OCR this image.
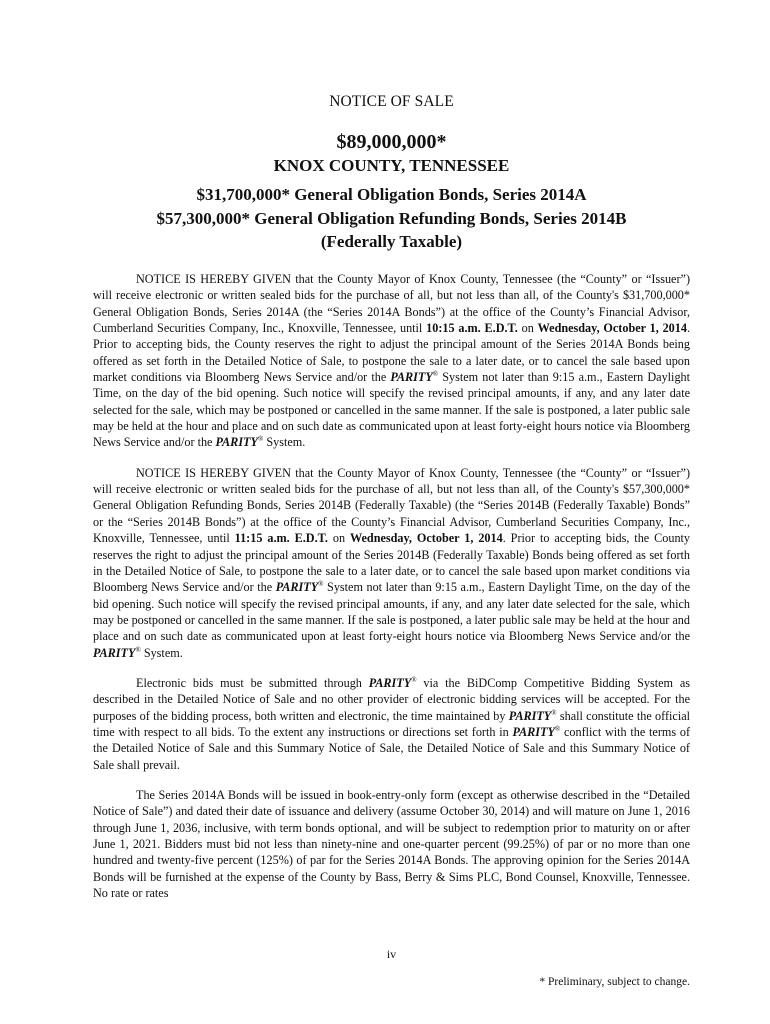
NOTICE OF SALE
$89,000,000*
KNOX COUNTY, TENNESSEE
$31,700,000* General Obligation Bonds, Series 2014A
$57,300,000* General Obligation Refunding Bonds, Series 2014B
(Federally Taxable)

NOTICE IS HEREBY GIVEN that the County Mayor of Knox County, Tennessee (the “County” or “Issuer”) will receive electronic or written sealed bids for the purchase of all, but not less than all, of the County's $31,700,000* General Obligation Bonds, Series 2014A (the “Series 2014A Bonds”) at the office of the County’s Financial Advisor, Cumberland Securities Company, Inc., Knoxville, Tennessee, until 10:15 a.m. E.D.T. on Wednesday, October 1, 2014. Prior to accepting bids, the County reserves the right to adjust the principal amount of the Series 2014A Bonds being offered as set forth in the Detailed Notice of Sale, to postpone the sale to a later date, or to cancel the sale based upon market conditions via Bloomberg News Service and/or the PARITY® System not later than 9:15 a.m., Eastern Daylight Time, on the day of the bid opening. Such notice will specify the revised principal amounts, if any, and any later date selected for the sale, which may be postponed or cancelled in the same manner. If the sale is postponed, a later public sale may be held at the hour and place and on such date as communicated upon at least forty-eight hours notice via Bloomberg News Service and/or the PARITY® System.

NOTICE IS HEREBY GIVEN that the County Mayor of Knox County, Tennessee (the “County” or “Issuer”) will receive electronic or written sealed bids for the purchase of all, but not less than all, of the County's $57,300,000* General Obligation Refunding Bonds, Series 2014B (Federally Taxable) (the “Series 2014B (Federally Taxable) Bonds” or the “Series 2014B Bonds”) at the office of the County’s Financial Advisor, Cumberland Securities Company, Inc., Knoxville, Tennessee, until 11:15 a.m. E.D.T. on Wednesday, October 1, 2014. Prior to accepting bids, the County reserves the right to adjust the principal amount of the Series 2014B (Federally Taxable) Bonds being offered as set forth in the Detailed Notice of Sale, to postpone the sale to a later date, or to cancel the sale based upon market conditions via Bloomberg News Service and/or the PARITY® System not later than 9:15 a.m., Eastern Daylight Time, on the day of the bid opening. Such notice will specify the revised principal amounts, if any, and any later date selected for the sale, which may be postponed or cancelled in the same manner. If the sale is postponed, a later public sale may be held at the hour and place and on such date as communicated upon at least forty-eight hours notice via Bloomberg News Service and/or the PARITY® System.

Electronic bids must be submitted through PARITY® via the BiDComp Competitive Bidding System as described in the Detailed Notice of Sale and no other provider of electronic bidding services will be accepted. For the purposes of the bidding process, both written and electronic, the time maintained by PARITY® shall constitute the official time with respect to all bids. To the extent any instructions or directions set forth in PARITY® conflict with the terms of the Detailed Notice of Sale and this Summary Notice of Sale, the Detailed Notice of Sale and this Summary Notice of Sale shall prevail.

The Series 2014A Bonds will be issued in book-entry-only form (except as otherwise described in the “Detailed Notice of Sale”) and dated their date of issuance and delivery (assume October 30, 2014) and will mature on June 1, 2016 through June 1, 2036, inclusive, with term bonds optional, and will be subject to redemption prior to maturity on or after June 1, 2021. Bidders must bid not less than ninety-nine and one-quarter percent (99.25%) of par or no more than one hundred and twenty-five percent (125%) of par for the Series 2014A Bonds. The approving opinion for the Series 2014A Bonds will be furnished at the expense of the County by Bass, Berry & Sims PLC, Bond Counsel, Knoxville, Tennessee. No rate or rates

iv
* Preliminary, subject to change.
